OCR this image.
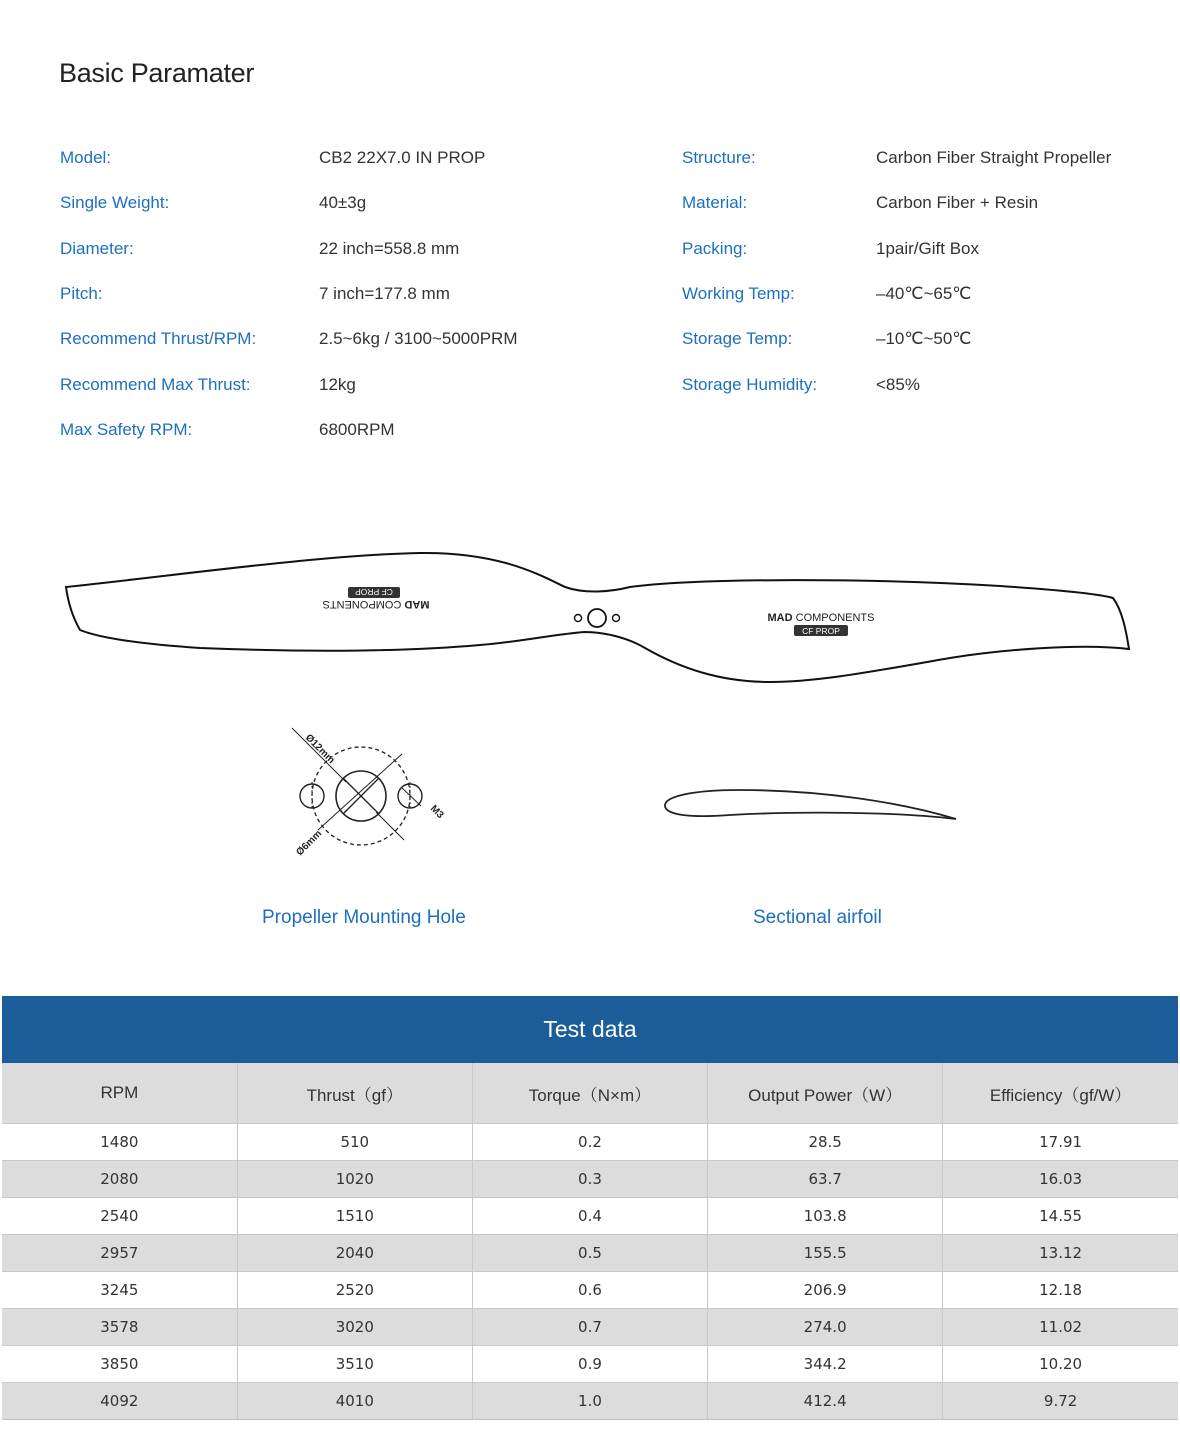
Basic Paramater
Model:	CB2 22X7.0 IN PROP
Single Weight:	40±3g
Diameter:	22 inch=558.8 mm
Pitch:	7 inch=177.8 mm
Recommend Thrust/RPM:	2.5~6kg / 3100~5000PRM
Recommend Max Thrust:	12kg
Max Safety RPM:	6800RPM
Structure:	Carbon Fiber Straight Propeller
Material:	Carbon Fiber + Resin
Packing:	1pair/Gift Box
Working Temp:	–40℃~65℃
Storage Temp:	–10℃~50℃
Storage Humidity:	<85%
MAD COMPONENTS
CF PROP
MAD COMPONENTS
CF PROP
Ø12mm
Ø6mm
M3
Propeller Mounting Hole	Sectional airfoil
Test data
RPM	Thrust（gf）	Torque（N×m）	Output Power（W）	Efficiency（gf/W）
1480	510	0.2	28.5	17.91
2080	1020	0.3	63.7	16.03
2540	1510	0.4	103.8	14.55
2957	2040	0.5	155.5	13.12
3245	2520	0.6	206.9	12.18
3578	3020	0.7	274.0	11.02
3850	3510	0.9	344.2	10.20
4092	4010	1.0	412.4	9.72
